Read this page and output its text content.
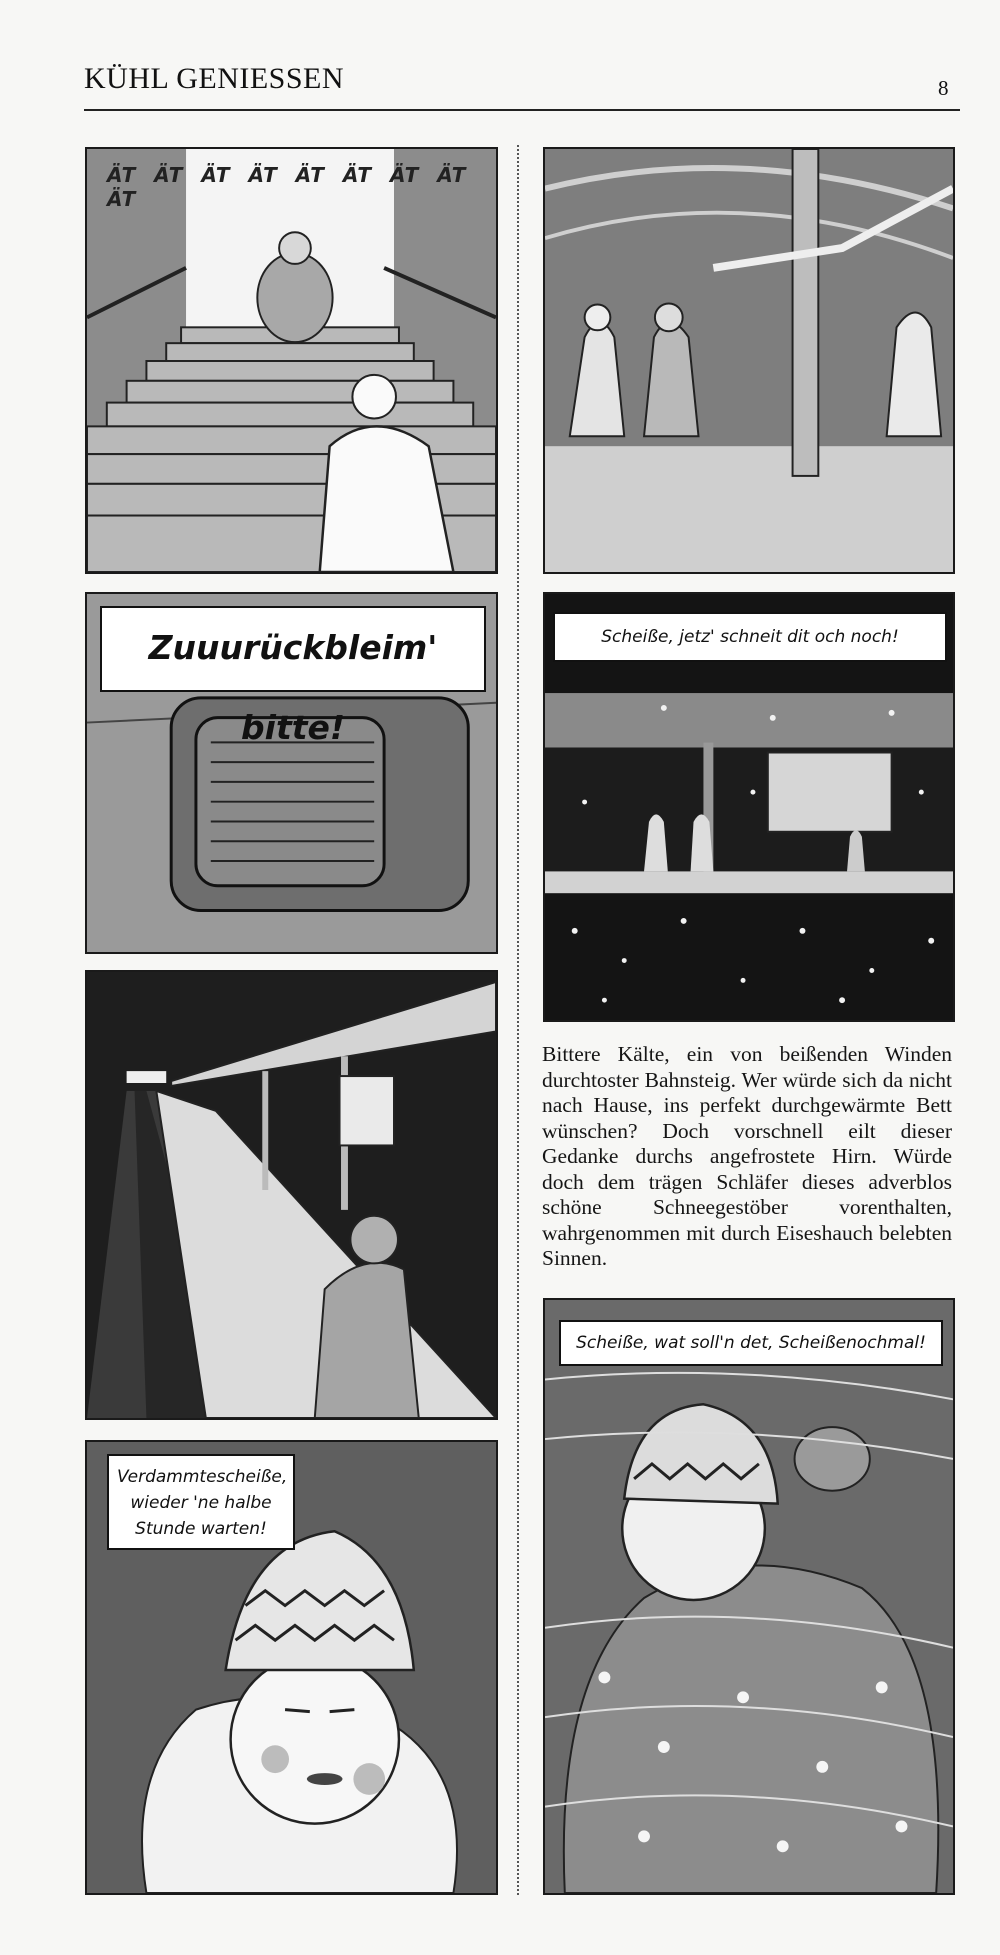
KÜHL GENIESSEN	8
ÄT ÄT ÄT ÄT ÄT ÄT ÄT ÄT ÄT
Zuuurückbleim' bitte!
Verdammtescheiße, wieder 'ne halbe Stunde warten!
Scheiße, jetz' schneit dit och noch!
Bittere Kälte, ein von beißenden Winden durchtoster Bahnsteig. Wer würde sich da nicht nach Hause, ins perfekt durchgewärmte Bett wünschen? Doch vorschnell eilt dieser Gedanke durchs angefrostete Hirn. Würde doch dem trägen Schläfer dieses adverblos schöne Schneegestöber vorenthalten, wahrgenommen mit durch Eiseshauch belebten Sinnen.
Scheiße, wat soll'n det, Scheißenochmal!
